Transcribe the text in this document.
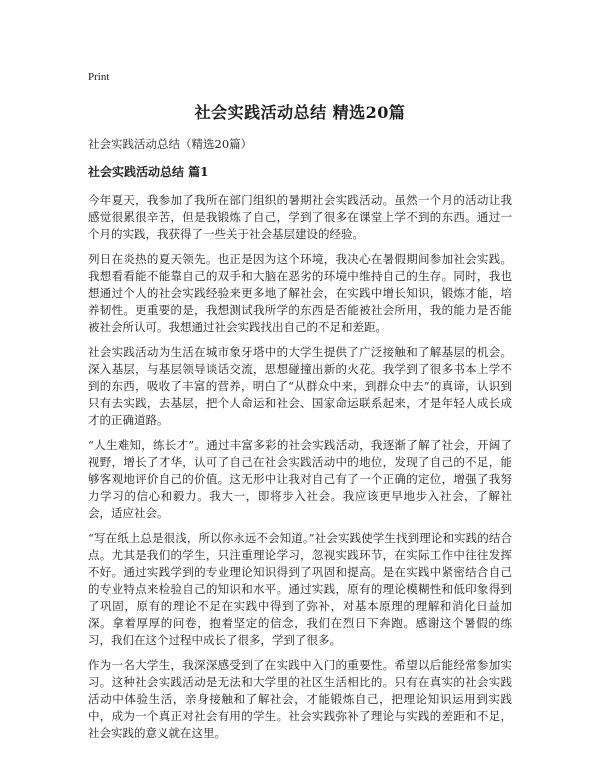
Print
社会实践活动总结 精选20篇
社会实践活动总结（精选20篇）
社会实践活动总结 篇1

今年夏天，我参加了我所在部门组织的暑期社会实践活动。虽然一个月的活动让我感觉很累很辛苦，但是我锻炼了自己，学到了很多在课堂上学不到的东西。通过一个月的实践，我获得了一些关于社会基层建设的经验。

列日在炎热的夏天领先。也正是因为这个环境，我决心在暑假期间参加社会实践。我想看看能不能靠自己的双手和大脑在恶劣的环境中维持自己的生存。同时，我也想通过个人的社会实践经验来更多地了解社会，在实践中增长知识，锻炼才能，培养韧性。更重要的是，我想测试我所学的东西是否能被社会所用，我的能力是否能被社会所认可。我想通过社会实践找出自己的不足和差距。

社会实践活动为生活在城市象牙塔中的大学生提供了广泛接触和了解基层的机会。深入基层，与基层领导谈话交流，思想碰撞出新的火花。我学到了很多书本上学不到的东西，吸收了丰富的营养，明白了“从群众中来，到群众中去”的真谛，认识到只有去实践，去基层，把个人命运和社会、国家命运联系起来，才是年轻人成长成才的正确道路。

“人生难知，练长才”。通过丰富多彩的社会实践活动，我逐渐了解了社会，开阔了视野，增长了才华，认可了自己在社会实践活动中的地位，发现了自己的不足，能够客观地评价自己的价值。这无形中让我对自己有了一个正确的定位，增强了我努力学习的信心和毅力。我大一，即将步入社会。我应该更早地步入社会，了解社会，适应社会。

“写在纸上总是很浅，所以你永远不会知道。”社会实践使学生找到理论和实践的结合点。尤其是我们的学生，只注重理论学习，忽视实践环节，在实际工作中往往发挥不好。通过实践学到的专业理论知识得到了巩固和提高。是在实践中紧密结合自己的专业特点来检验自己的知识和水平。通过实践，原有的理论模糊性和低印象得到了巩固，原有的理论不足在实践中得到了弥补，对基本原理的理解和消化日益加深。拿着厚厚的问卷，抱着坚定的信念，我们在烈日下奔跑。感谢这个暑假的练习，我们在这个过程中成长了很多，学到了很多。

作为一名大学生，我深深感受到了在实践中入门的重要性。希望以后能经常参加实习。这种社会实践活动是无法和大学里的社区生活相比的。只有在真实的社会实践活动中体验生活，亲身接触和了解社会，才能锻炼自己，把理论知识运用到实践中，成为一个真正对社会有用的学生。社会实践弥补了理论与实践的差距和不足，社会实践的意义就在这里。
